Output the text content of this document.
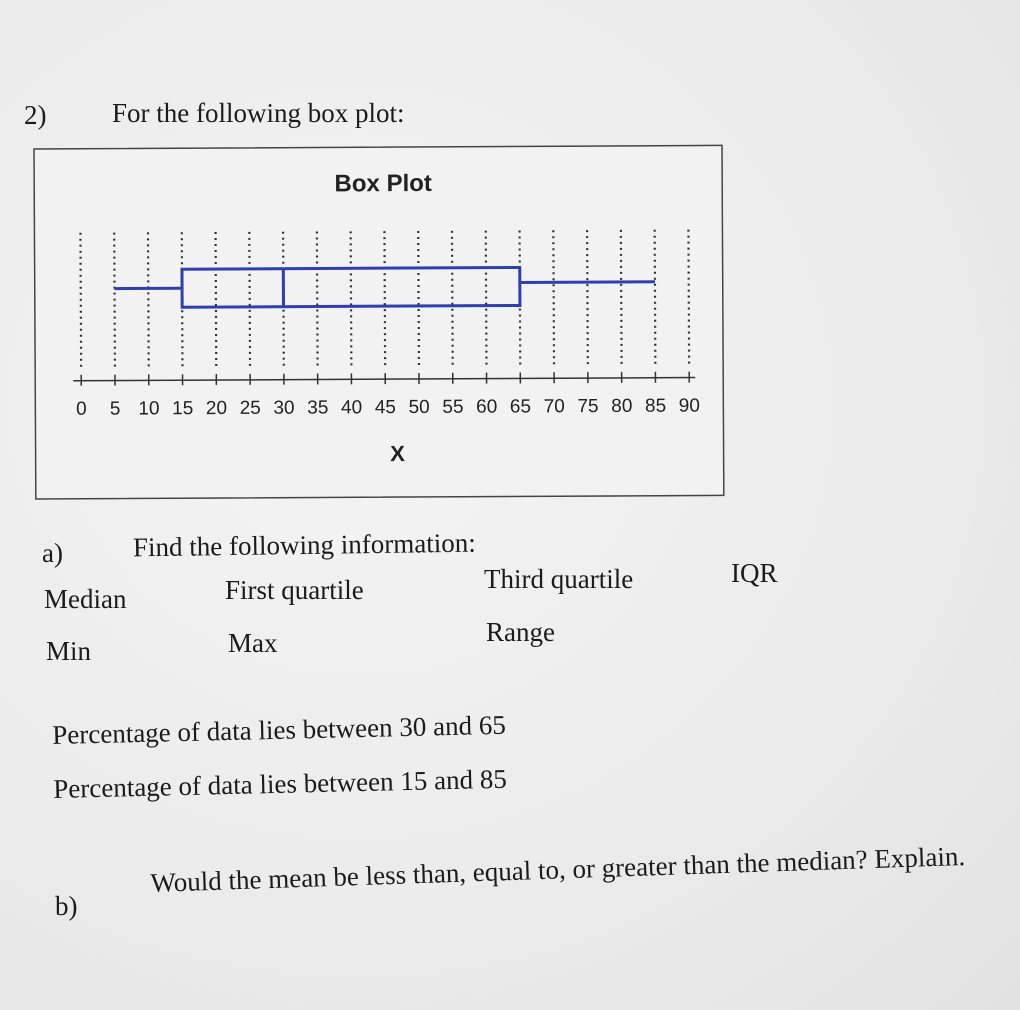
2) For the following box plot:
Box Plot
0 5 10 15 20 25 30 35 40 45 50 55 60 65 70 75 80 85 90
X
a)	Find the following information:
Median	First quartile	Third quartile	IQR
Min	Max	Range
Percentage of data lies between 30 and 65
Percentage of data lies between 15 and 85
b)
Would the mean be less than, equal to, or greater than the median? Explain.
